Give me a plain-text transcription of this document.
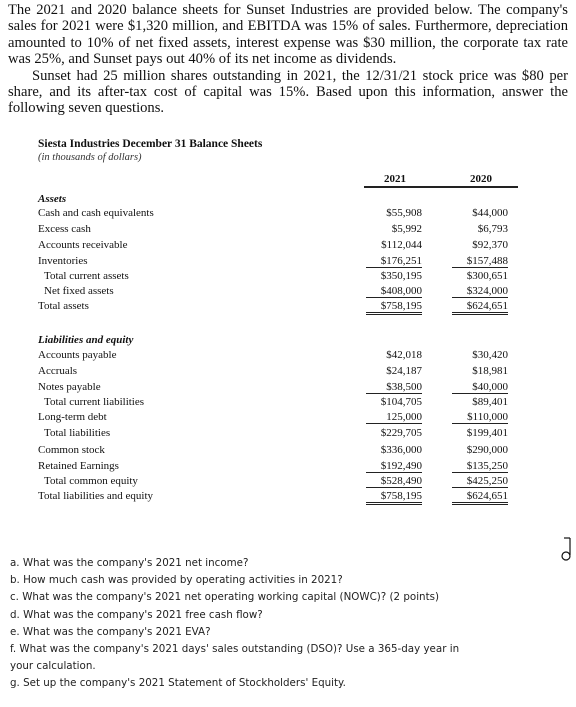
The 2021 and 2020 balance sheets for Sunset Industries are provided below. The company's sales for 2021 were $1,320 million, and EBITDA was 15% of sales. Furthermore, depreciation amounted to 10% of net fixed assets, interest expense was $30 million, the corporate tax rate was 25%, and Sunset pays out 40% of its net income as dividends.

Sunset had 25 million shares outstanding in 2021, the 12/31/21 stock price was $80 per share, and its after-tax cost of capital was 15%. Based upon this information, answer the following seven questions.

Siesta Industries December 31 Balance Sheets
(in thousands of dollars)
2021	2020
Assets
Cash and cash equivalents	$55,908	$44,000
Excess cash	$5,992	$6,793
Accounts receivable	$112,044	$92,370
Inventories	$176,251	$157,488
Total current assets	$350,195	$300,651
Net fixed assets	$408,000	$324,000
Total assets	$758,195	$624,651
Liabilities and equity
Accounts payable	$42,018	$30,420
Accruals	$24,187	$18,981
Notes payable	$38,500	$40,000
Total current liabilities	$104,705	$89,401
Long-term debt	125,000	$110,000
Total liabilities	$229,705	$199,401
Common stock	$336,000	$290,000
Retained Earnings	$192,490	$135,250
Total common equity	$528,490	$425,250
Total liabilities and equity	$758,195	$624,651
a. What was the company's 2021 net income?
b. How much cash was provided by operating activities in 2021?
c. What was the company's 2021 net operating working capital (NOWC)? (2 points)
d. What was the company's 2021 free cash flow?
e. What was the company's 2021 EVA?
f. What was the company's 2021 days' sales outstanding (DSO)? Use a 365-day year in
your calculation.
g. Set up the company's 2021 Statement of Stockholders' Equity.
